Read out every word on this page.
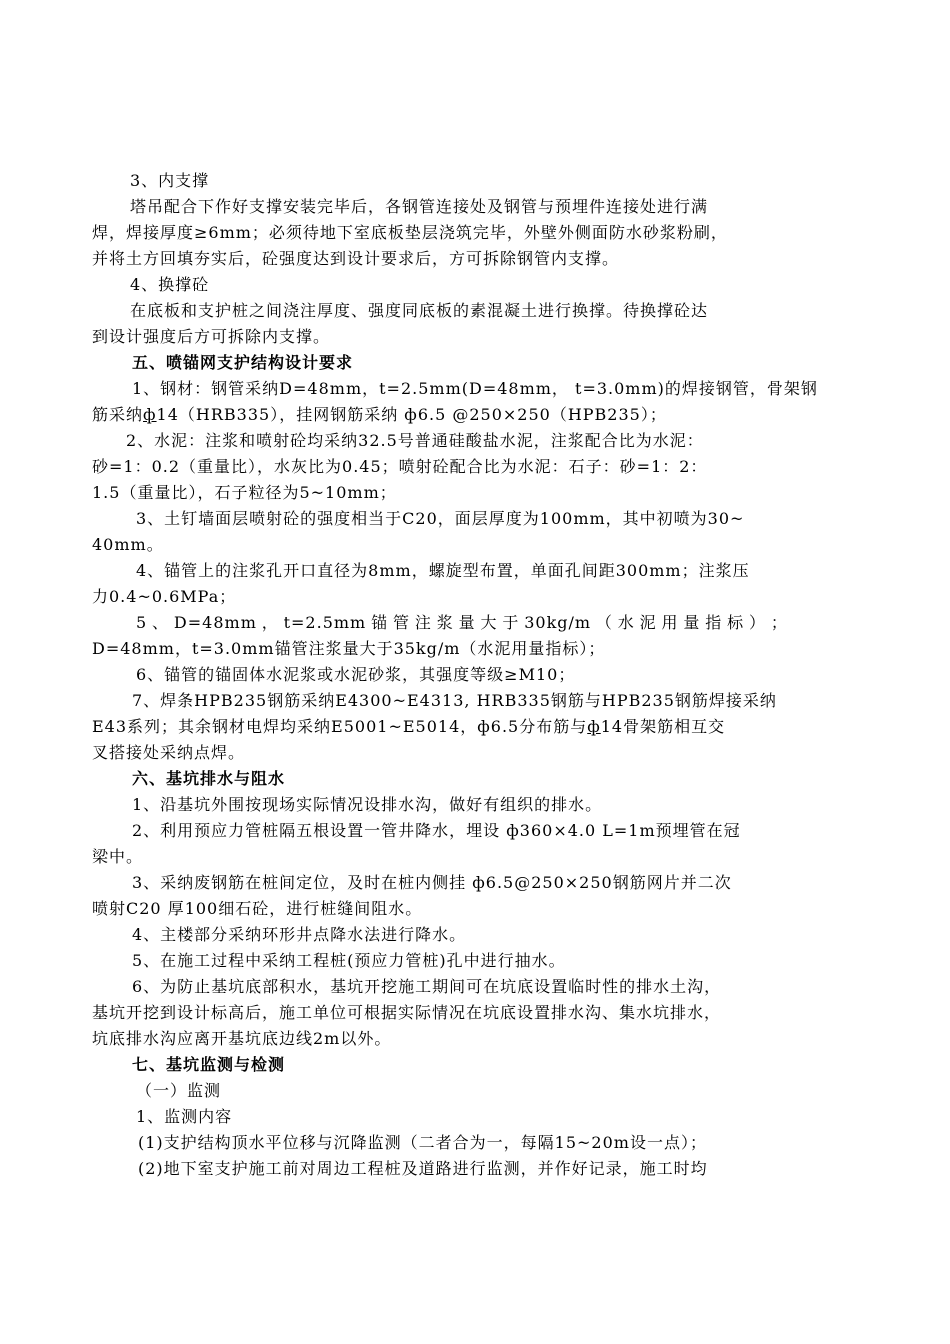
3、内支撑
塔吊配合下作好支撑安装完毕后，各钢管连接处及钢管与预埋件连接处进行满
焊，焊接厚度≥6mm；必须待地下室底板垫层浇筑完毕，外壁外侧面防水砂浆粉刷，
并将土方回填夯实后，砼强度达到设计要求后，方可拆除钢管内支撑。
4、换撑砼
在底板和支护桩之间浇注厚度、强度同底板的素混凝土进行换撑。待换撑砼达
到设计强度后方可拆除内支撑。
五、喷锚网支护结构设计要求
1、钢材：钢管采纳D=48mm，t=2.5mm(D=48mm， t=3.0mm)的焊接钢管，骨架钢
筋采纳ф14（HRB335），挂网钢筋采纳 ф6.5 @250×250（HPB235）；
2、水泥：注浆和喷射砼均采纳32.5号普通硅酸盐水泥，注浆配合比为水泥：
砂=1：0.2（重量比），水灰比为0.45；喷射砼配合比为水泥：石子：砂=1：2：
1.5（重量比），石子粒径为5~10mm；
3、土钉墙面层喷射砼的强度相当于C20，面层厚度为100mm，其中初喷为30~
40mm。
4、锚管上的注浆孔开口直径为8mm，螺旋型布置，单面孔间距300mm；注浆压
力0.4~0.6MPa；
5 、 D=48mm ， t=2.5mm 锚 管 注 浆 量 大 于 30kg/m （ 水 泥 用 量 指 标 ） ；
D=48mm，t=3.0mm锚管注浆量大于35kg/m（水泥用量指标）；
6、锚管的锚固体水泥浆或水泥砂浆，其强度等级≥M10；
7、焊条HPB235钢筋采纳E4300~E4313, HRB335钢筋与HPB235钢筋焊接采纳
E43系列；其余钢材电焊均采纳E5001~E5014，ф6.5分布筋与ф14骨架筋相互交
叉搭接处采纳点焊。
六、基坑排水与阻水
1、沿基坑外围按现场实际情况设排水沟，做好有组织的排水。
2、利用预应力管桩隔五根设置一管井降水，埋设 ф360×4.0 L=1m预埋管在冠
梁中。
3、采纳废钢筋在桩间定位，及时在桩内侧挂 ф6.5@250×250钢筋网片并二次
喷射C20 厚100细石砼，进行桩缝间阻水。
4、主楼部分采纳环形井点降水法进行降水。
5、在施工过程中采纳工程桩(预应力管桩)孔中进行抽水。
6、为防止基坑底部积水，基坑开挖施工期间可在坑底设置临时性的排水土沟，
基坑开挖到设计标高后，施工单位可根据实际情况在坑底设置排水沟、集水坑排水，
坑底排水沟应离开基坑底边线2m以外。
七、基坑监测与检测
（一）监测
1、监测内容
(1)支护结构顶水平位移与沉降监测（二者合为一，每隔15~20m设一点）；
(2)地下室支护施工前对周边工程桩及道路进行监测，并作好记录，施工时均
